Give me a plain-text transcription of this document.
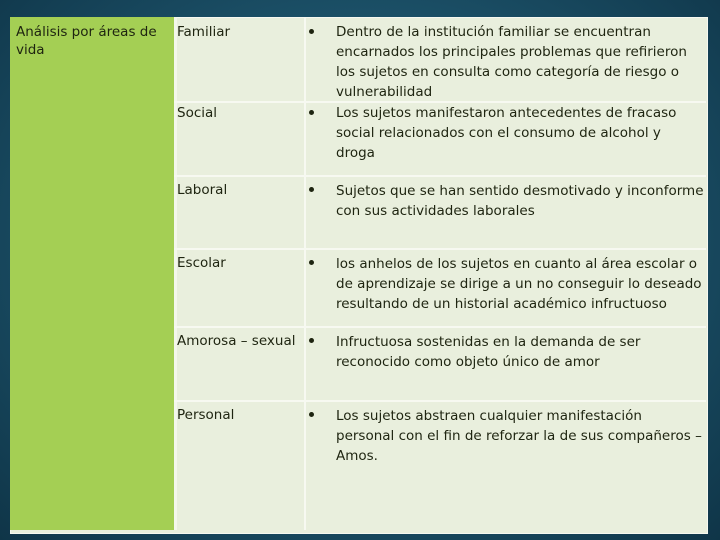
Análisis por áreas de vida
Familiar	Dentro de la institución familiar se encuentran encarnados los principales problemas que refirieron los sujetos en consulta como categoría de riesgo o vulnerabilidad
Social	Los sujetos manifestaron antecedentes de fracaso social relacionados con el consumo de alcohol y droga
Laboral	Sujetos que se han sentido desmotivado y inconforme con sus actividades laborales
Escolar	los anhelos de los sujetos en cuanto al área escolar o de aprendizaje se dirige a un no conseguir lo deseado resultando de un historial académico infructuoso
Amorosa – sexual	Infructuosa sostenidas en la demanda de ser reconocido como objeto único de amor
Personal	Los sujetos abstraen cualquier manifestación personal con el fin de reforzar la de sus compañeros – Amos.
